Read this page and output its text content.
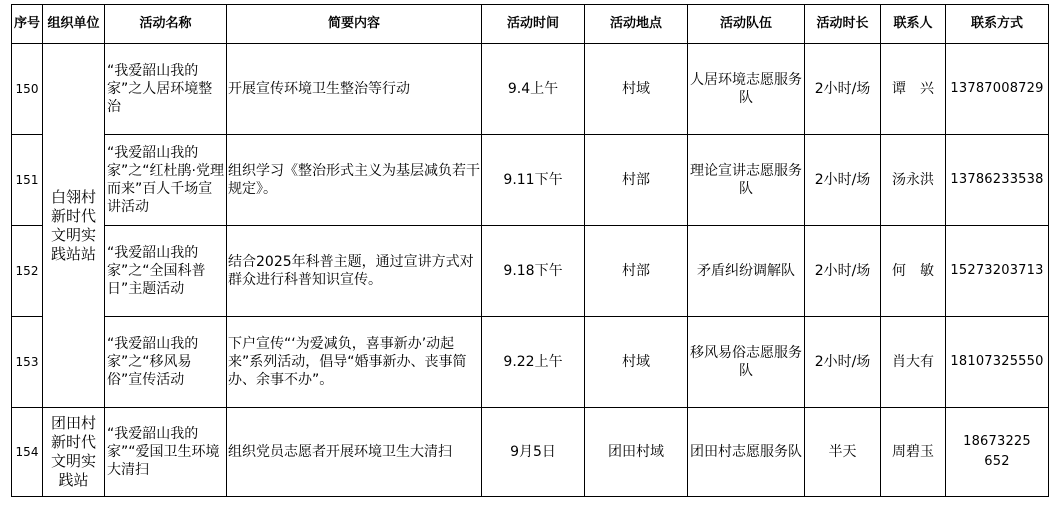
序号	组织单位	活动名称	简要内容	活动时间	活动地点	活动队伍	活动时长	联系人	联系方式
150	白翎村新时代文明实践站站	“我爱韶山我的家”之人居环境整治	开展宣传环境卫生整治等行动	9.4上午	村域	人居环境志愿服务队	2小时/场	谭　兴	13787008729
151		“我爱韶山我的家”之“红杜鹃·党理而来”百人千场宣讲活动	组织学习《整治形式主义为基层减负若干规定》。	9.11下午	村部	理论宣讲志愿服务队	2小时/场	汤永洪	13786233538
152		“我爱韶山我的家”之“全国科普日”主题活动	结合2025年科普主题，通过宣讲方式对群众进行科普知识宣传。	9.18下午	村部	矛盾纠纷调解队	2小时/场	何　敏	15273203713
153		“我爱韶山我的家”之“移风易俗”宣传活动	下户宣传“‘为爱减负，喜事新办’动起来”系列活动，倡导“婚事新办、丧事简办、余事不办”。	9.22上午	村域	移风易俗志愿服务队	2小时/场	肖大有	18107325550
154	团田村新时代文明实践站	“我爱韶山我的家”“爱国卫生环境大清扫	组织党员志愿者开展环境卫生大清扫	9月5日	团田村域	团田村志愿服务队	半天	周碧玉	18673225652
